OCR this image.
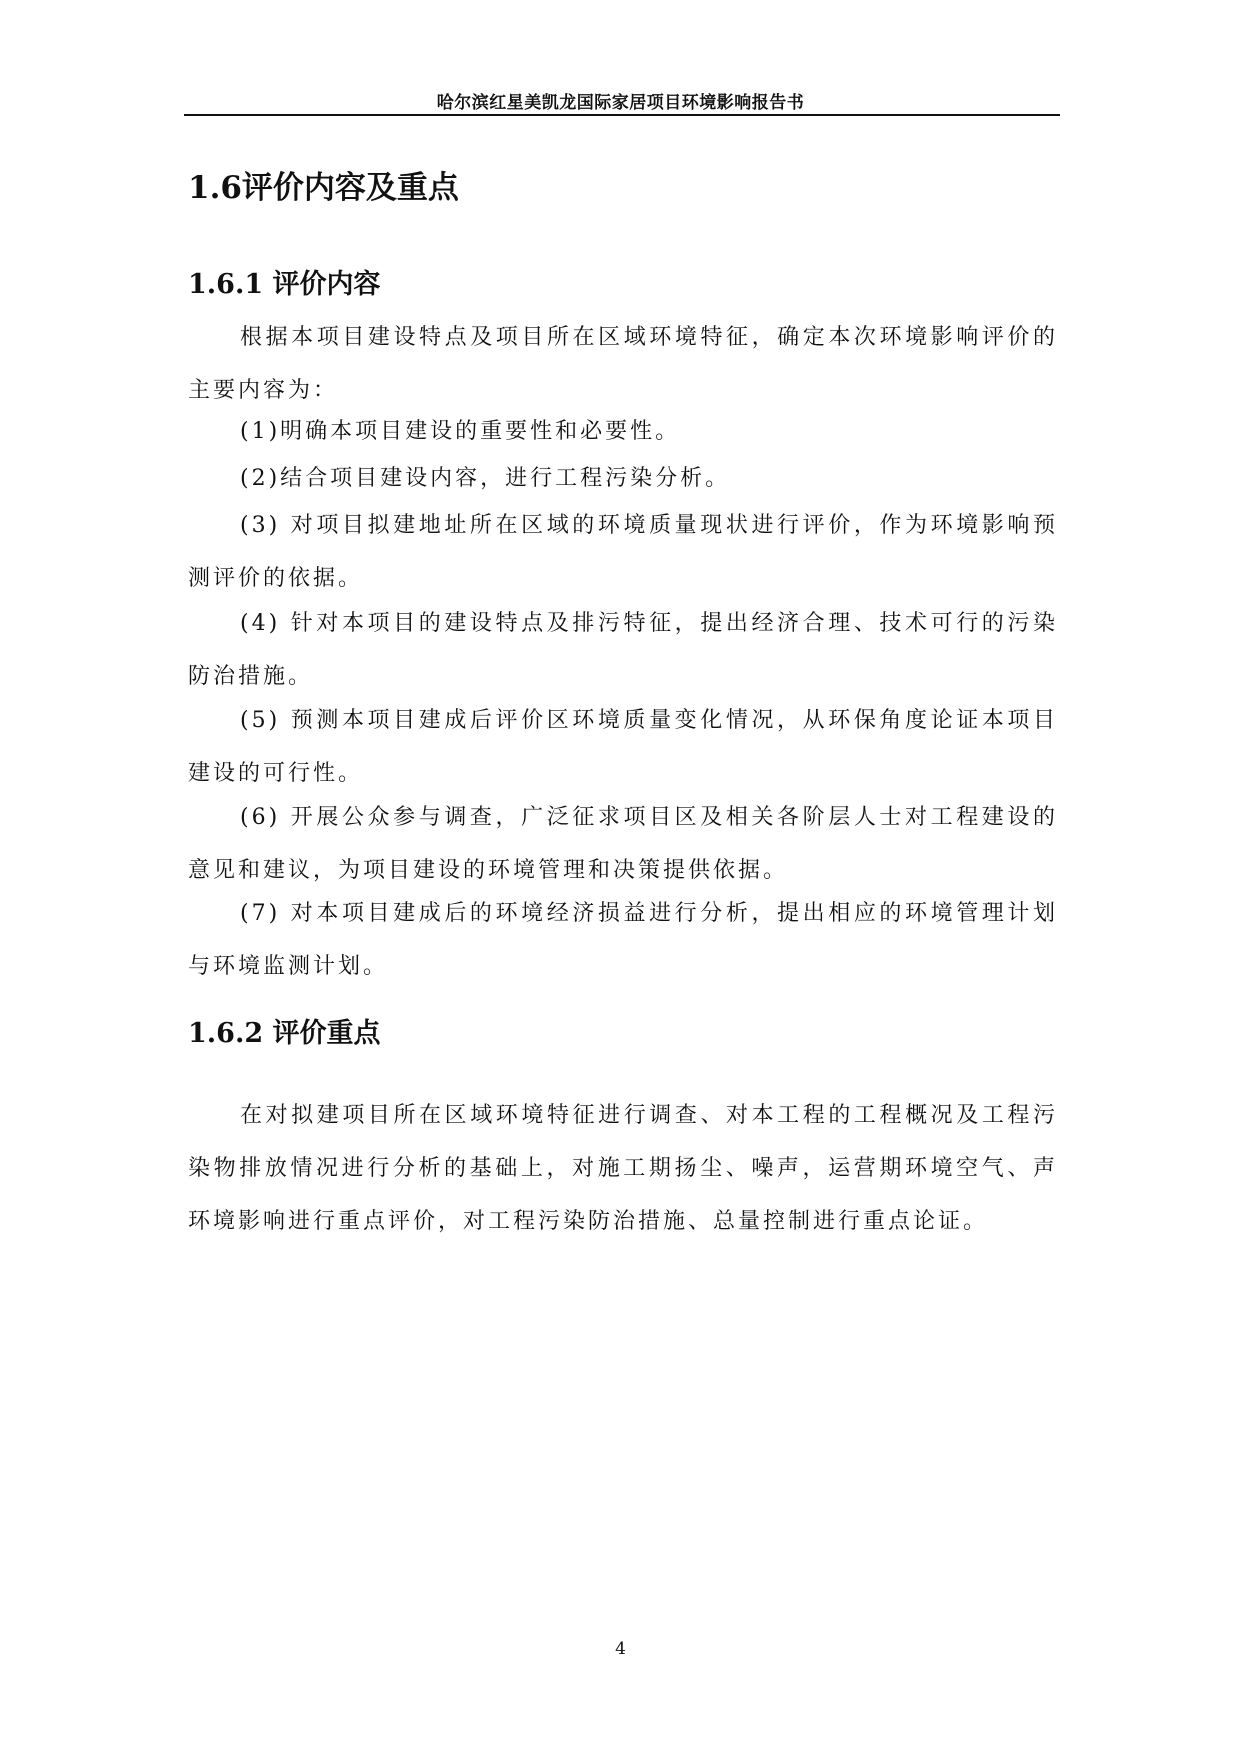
哈尔滨红星美凯龙国际家居项目环境影响报告书
1.6评价内容及重点
1.6.1 评价内容

根据本项目建设特点及项目所在区域环境特征，确定本次环境影响评价的主要内容为：

(1)明确本项目建设的重要性和必要性。

(2)结合项目建设内容，进行工程污染分析。

(3) 对项目拟建地址所在区域的环境质量现状进行评价，作为环境影响预测评价的依据。

(4) 针对本项目的建设特点及排污特征，提出经济合理、技术可行的污染防治措施。

(5) 预测本项目建成后评价区环境质量变化情况，从环保角度论证本项目建设的可行性。

(6) 开展公众参与调查，广泛征求项目区及相关各阶层人士对工程建设的意见和建议，为项目建设的环境管理和决策提供依据。

(7) 对本项目建成后的环境经济损益进行分析，提出相应的环境管理计划与环境监测计划。

1.6.2 评价重点

在对拟建项目所在区域环境特征进行调查、对本工程的工程概况及工程污染物排放情况进行分析的基础上，对施工期扬尘、噪声，运营期环境空气、声环境影响进行重点评价，对工程污染防治措施、总量控制进行重点论证。

4
